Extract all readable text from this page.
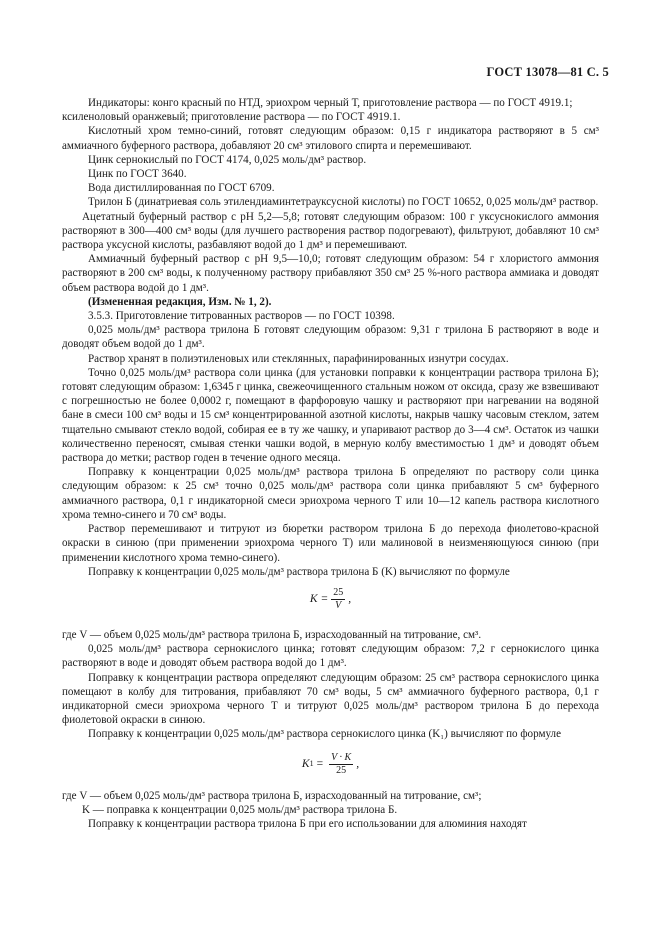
ГОСТ 13078—81 С. 5

Индикаторы: конго красный по НТД, эриохром черный Т, приготовление раствора — по ГОСТ 4919.1;

ксиленоловый оранжевый; приготовление раствора — по ГОСТ 4919.1.

Кислотный хром темно-синий, готовят следующим образом: 0,15 г индикатора растворяют в 5 см³ аммиачного буферного раствора, добавляют 20 см³ этилового спирта и перемешивают.

Цинк сернокислый по ГОСТ 4174, 0,025 моль/дм³ раствор.

Цинк по ГОСТ 3640.

Вода дистиллированная по ГОСТ 6709.

Трилон Б (динатриевая соль этилендиаминтетрауксусной кислоты) по ГОСТ 10652, 0,025 моль/дм³ раствор.

Ацетатный буферный раствор с рН 5,2—5,8; готовят следующим образом: 100 г уксуснокислого аммония растворяют в 300—400 см³ воды (для лучшего растворения раствор подогревают), фильтруют, добавляют 10 см³ раствора уксусной кислоты, разбавляют водой до 1 дм³ и перемешивают.

Аммиачный буферный раствор с рН 9,5—10,0; готовят следующим образом: 54 г хлористого аммония растворяют в 200 см³ воды, к полученному раствору прибавляют 350 см³ 25 %-ного раствора аммиака и доводят объем раствора водой до 1 дм³.

(Измененная редакция, Изм. № 1, 2).

3.5.3. Приготовление титрованных растворов — по ГОСТ 10398.

0,025 моль/дм³ раствора трилона Б готовят следующим образом: 9,31 г трилона Б растворяют в воде и доводят объем водой до 1 дм³.

Раствор хранят в полиэтиленовых или стеклянных, парафинированных изнутри сосудах.

Точно 0,025 моль/дм³ раствора соли цинка (для установки поправки к концентрации раствора трилона Б); готовят следующим образом: 1,6345 г цинка, свежеочищенного стальным ножом от оксида, сразу же взвешивают с погрешностью не более 0,0002 г, помещают в фарфоровую чашку и растворяют при нагревании на водяной бане в смеси 100 см³ воды и 15 см³ концентрированной азотной кислоты, накрыв чашку часовым стеклом, затем тщательно смывают стекло водой, собирая ее в ту же чашку, и упаривают раствор до 3—4 см³. Остаток из чашки количественно переносят, смывая стенки чашки водой, в мерную колбу вместимостью 1 дм³ и доводят объем раствора до метки; раствор годен в течение одного месяца.

Поправку к концентрации 0,025 моль/дм³ раствора трилона Б определяют по раствору соли цинка следующим образом: к 25 см³ точно 0,025 моль/дм³ раствора соли цинка прибавляют 5 см³ буферного аммиачного раствора, 0,1 г индикаторной смеси эриохрома черного Т или 10—12 капель раствора кислотного хрома темно-синего и 70 см³ воды.

Раствор перемешивают и титруют из бюретки раствором трилона Б до перехода фиолетово-красной окраски в синюю (при применении эриохрома черного Т) или малиновой в неизменяющуюся синюю (при применении кислотного хрома темно-синего).

Поправку к концентрации 0,025 моль/дм³ раствора трилона Б (K) вычисляют по формуле

$K = \frac{25}{V}$ ,

где V — объем 0,025 моль/дм³ раствора трилона Б, израсходованный на титрование, см³.

0,025 моль/дм³ раствора сернокислого цинка; готовят следующим образом: 7,2 г сернокислого цинка растворяют в воде и доводят объем раствора водой до 1 дм³.

Поправку к концентрации раствора определяют следующим образом: 25 см³ раствора сернокислого цинка помещают в колбу для титрования, прибавляют 70 см³ воды, 5 см³ аммиачного буферного раствора, 0,1 г индикаторной смеси эриохрома черного Т и титруют 0,025 моль/дм³ раствором трилона Б до перехода фиолетовой окраски в синюю.

Поправку к концентрации 0,025 моль/дм³ раствора сернокислого цинка (K₁) вычисляют по формуле

K $1 = \frac{V \cdot K}{25}$ ,

где V — объем 0,025 моль/дм³ раствора трилона Б, израсходованный на титрование, см³;

K — поправка к концентрации 0,025 моль/дм³ раствора трилона Б.

Поправку к концентрации раствора трилона Б при его использовании для алюминия находят
